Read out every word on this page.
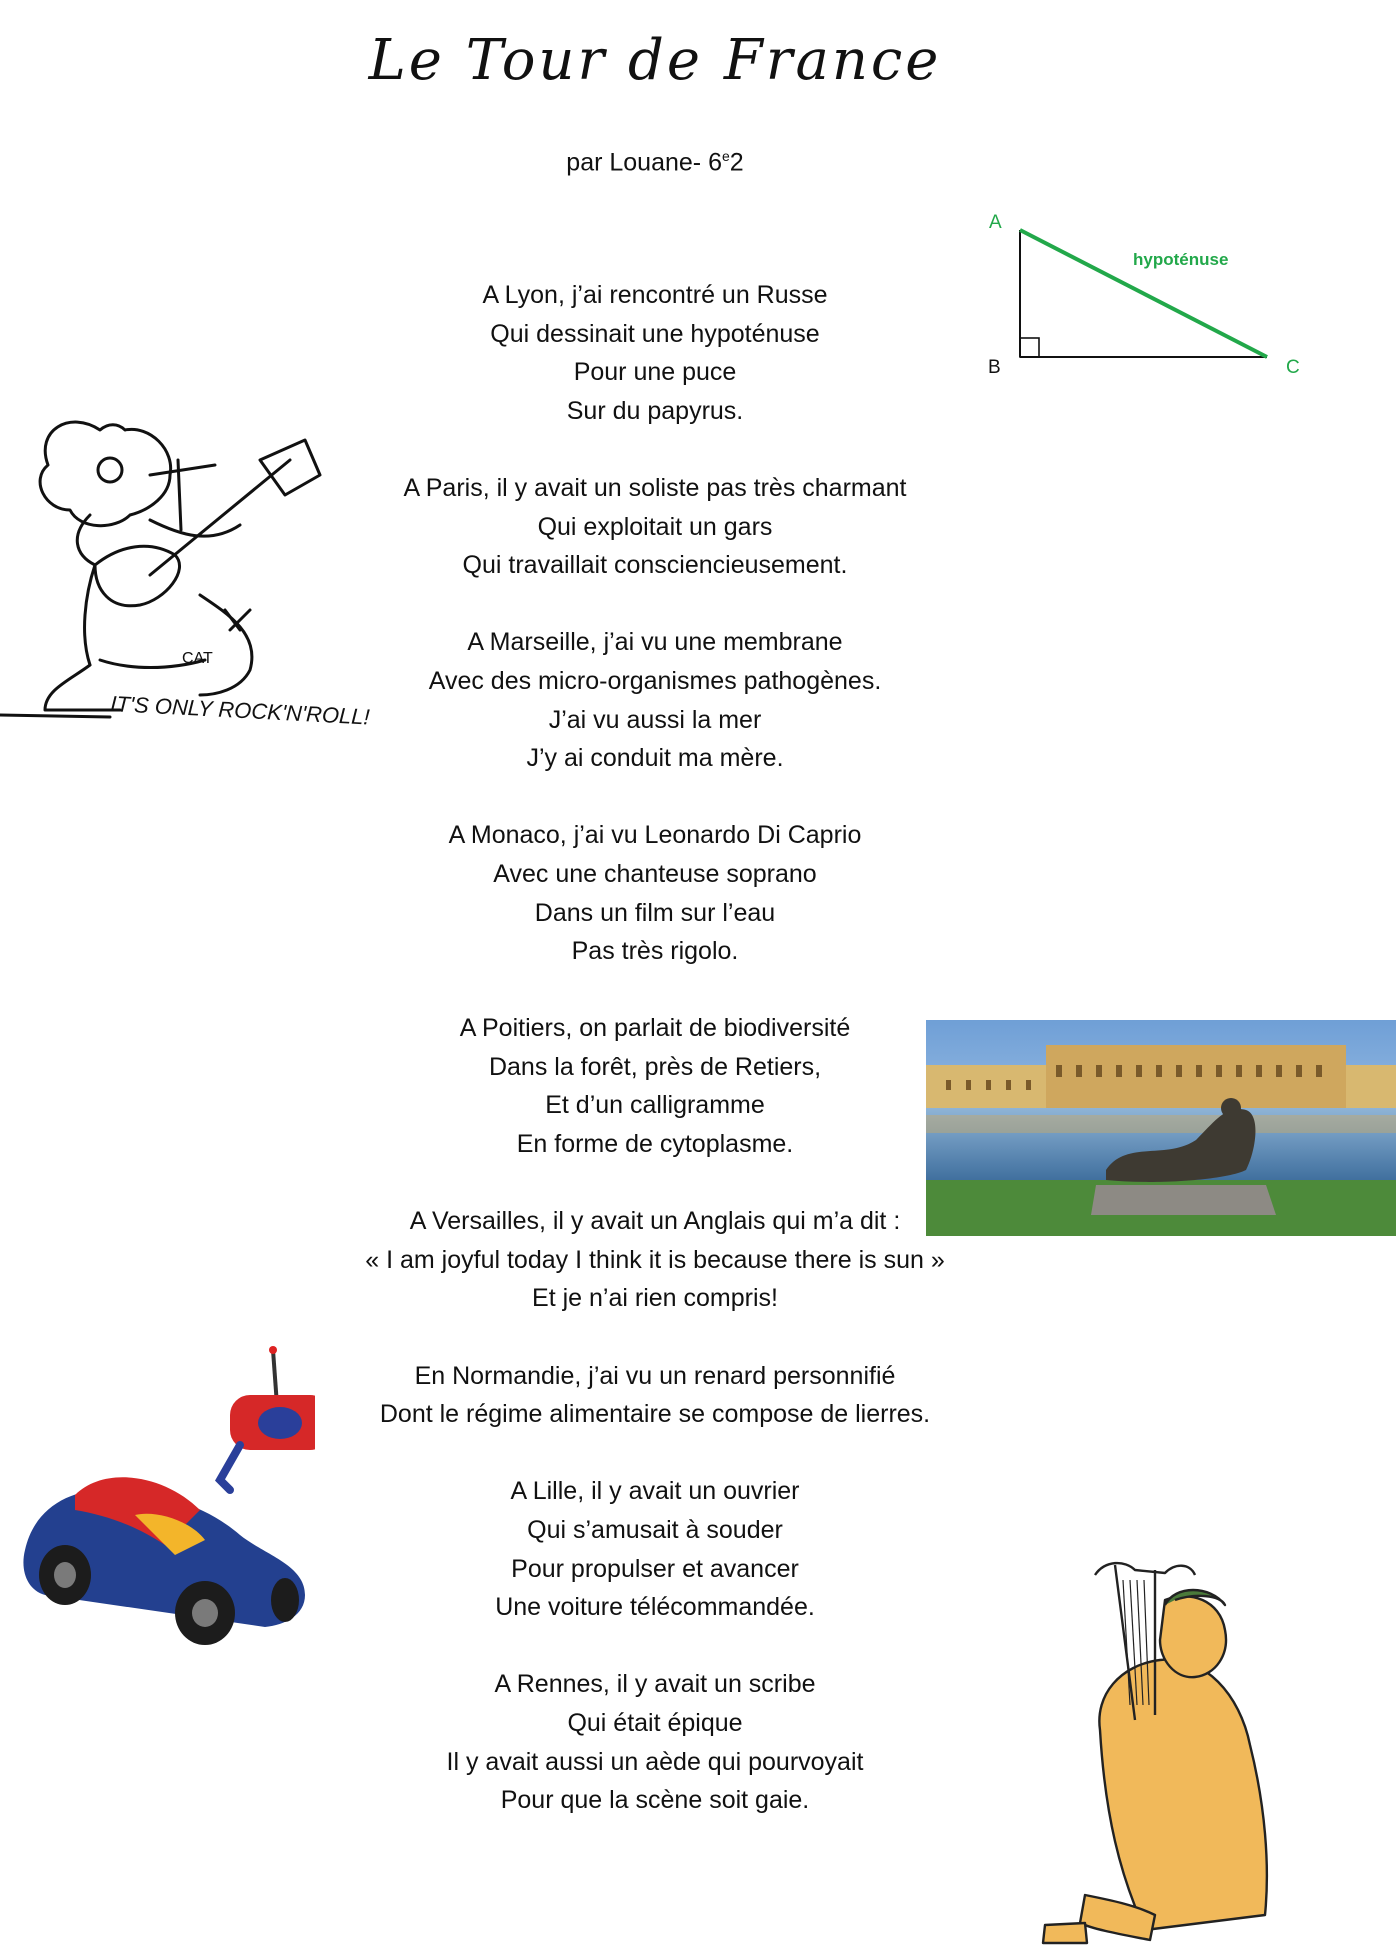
Le Tour de France
par Louane- 6e2
A
B	C
hypoténuse
IT'S ONLY ROCK'N'ROLL!
CAT
A Lyon, j’ai rencontré un Russe
Qui dessinait une hypoténuse
Pour une puce
Sur du papyrus.
A Paris, il y avait un soliste pas très charmant
Qui exploitait un gars
Qui travaillait consciencieusement.
A Marseille, j’ai vu une membrane
Avec des micro-organismes pathogènes.
J’ai vu aussi la mer
J’y ai conduit ma mère.
A Monaco, j’ai vu Leonardo Di Caprio
Avec une chanteuse soprano
Dans un film sur l’eau
Pas très rigolo.
A Poitiers, on parlait de biodiversité
Dans la forêt, près de Retiers,
Et d’un calligramme
En forme de cytoplasme.
A Versailles, il y avait un Anglais qui m’a dit :
« I am joyful today I think it is because there is sun »
Et je n’ai rien compris!
En Normandie, j’ai vu un renard personnifié
Dont le régime alimentaire se compose de lierres.
A Lille, il y avait un ouvrier
Qui s’amusait à souder
Pour propulser et avancer
Une voiture télécommandée.
A Rennes, il y avait un scribe
Qui était épique
Il y avait aussi un aède qui pourvoyait
Pour que la scène soit gaie.
